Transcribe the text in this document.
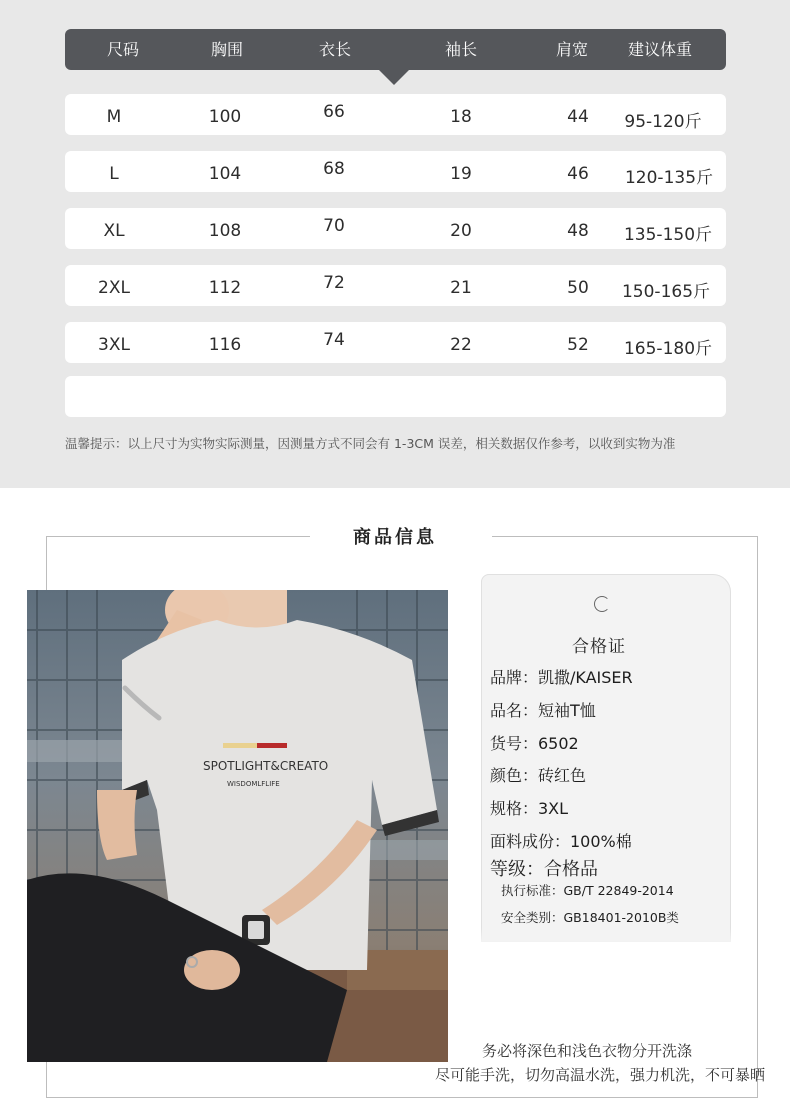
尺码	胸围	衣长	袖长	肩宽 建议体重
M	100	66	18	44 95-120斤
L	104	68	19	46 120-135斤
XL	108	70	20	48 135-150斤
2XL	112	72	21	50 150-165斤
3XL	116	74	22	52 165-180斤
温馨提示：以上尺寸为实物实际测量，因测量方式不同会有 1-3CM 误差，相关数据仅作参考，以收到实物为准
商品信息
SPOTLIGHT&CREATO
WISDOMLFLIFE
合格证
品牌：凯撒/KAISER
品名：短袖T恤
货号：6502
颜色：砖红色
规格：3XL
面料成份：100%棉
等级：合格品
执行标准：GB/T 22849-2014
安全类别：GB18401-2010B类
务必将深色和浅色衣物分开洗涤
尽可能手洗，切勿高温水洗，强力机洗，不可暴晒
